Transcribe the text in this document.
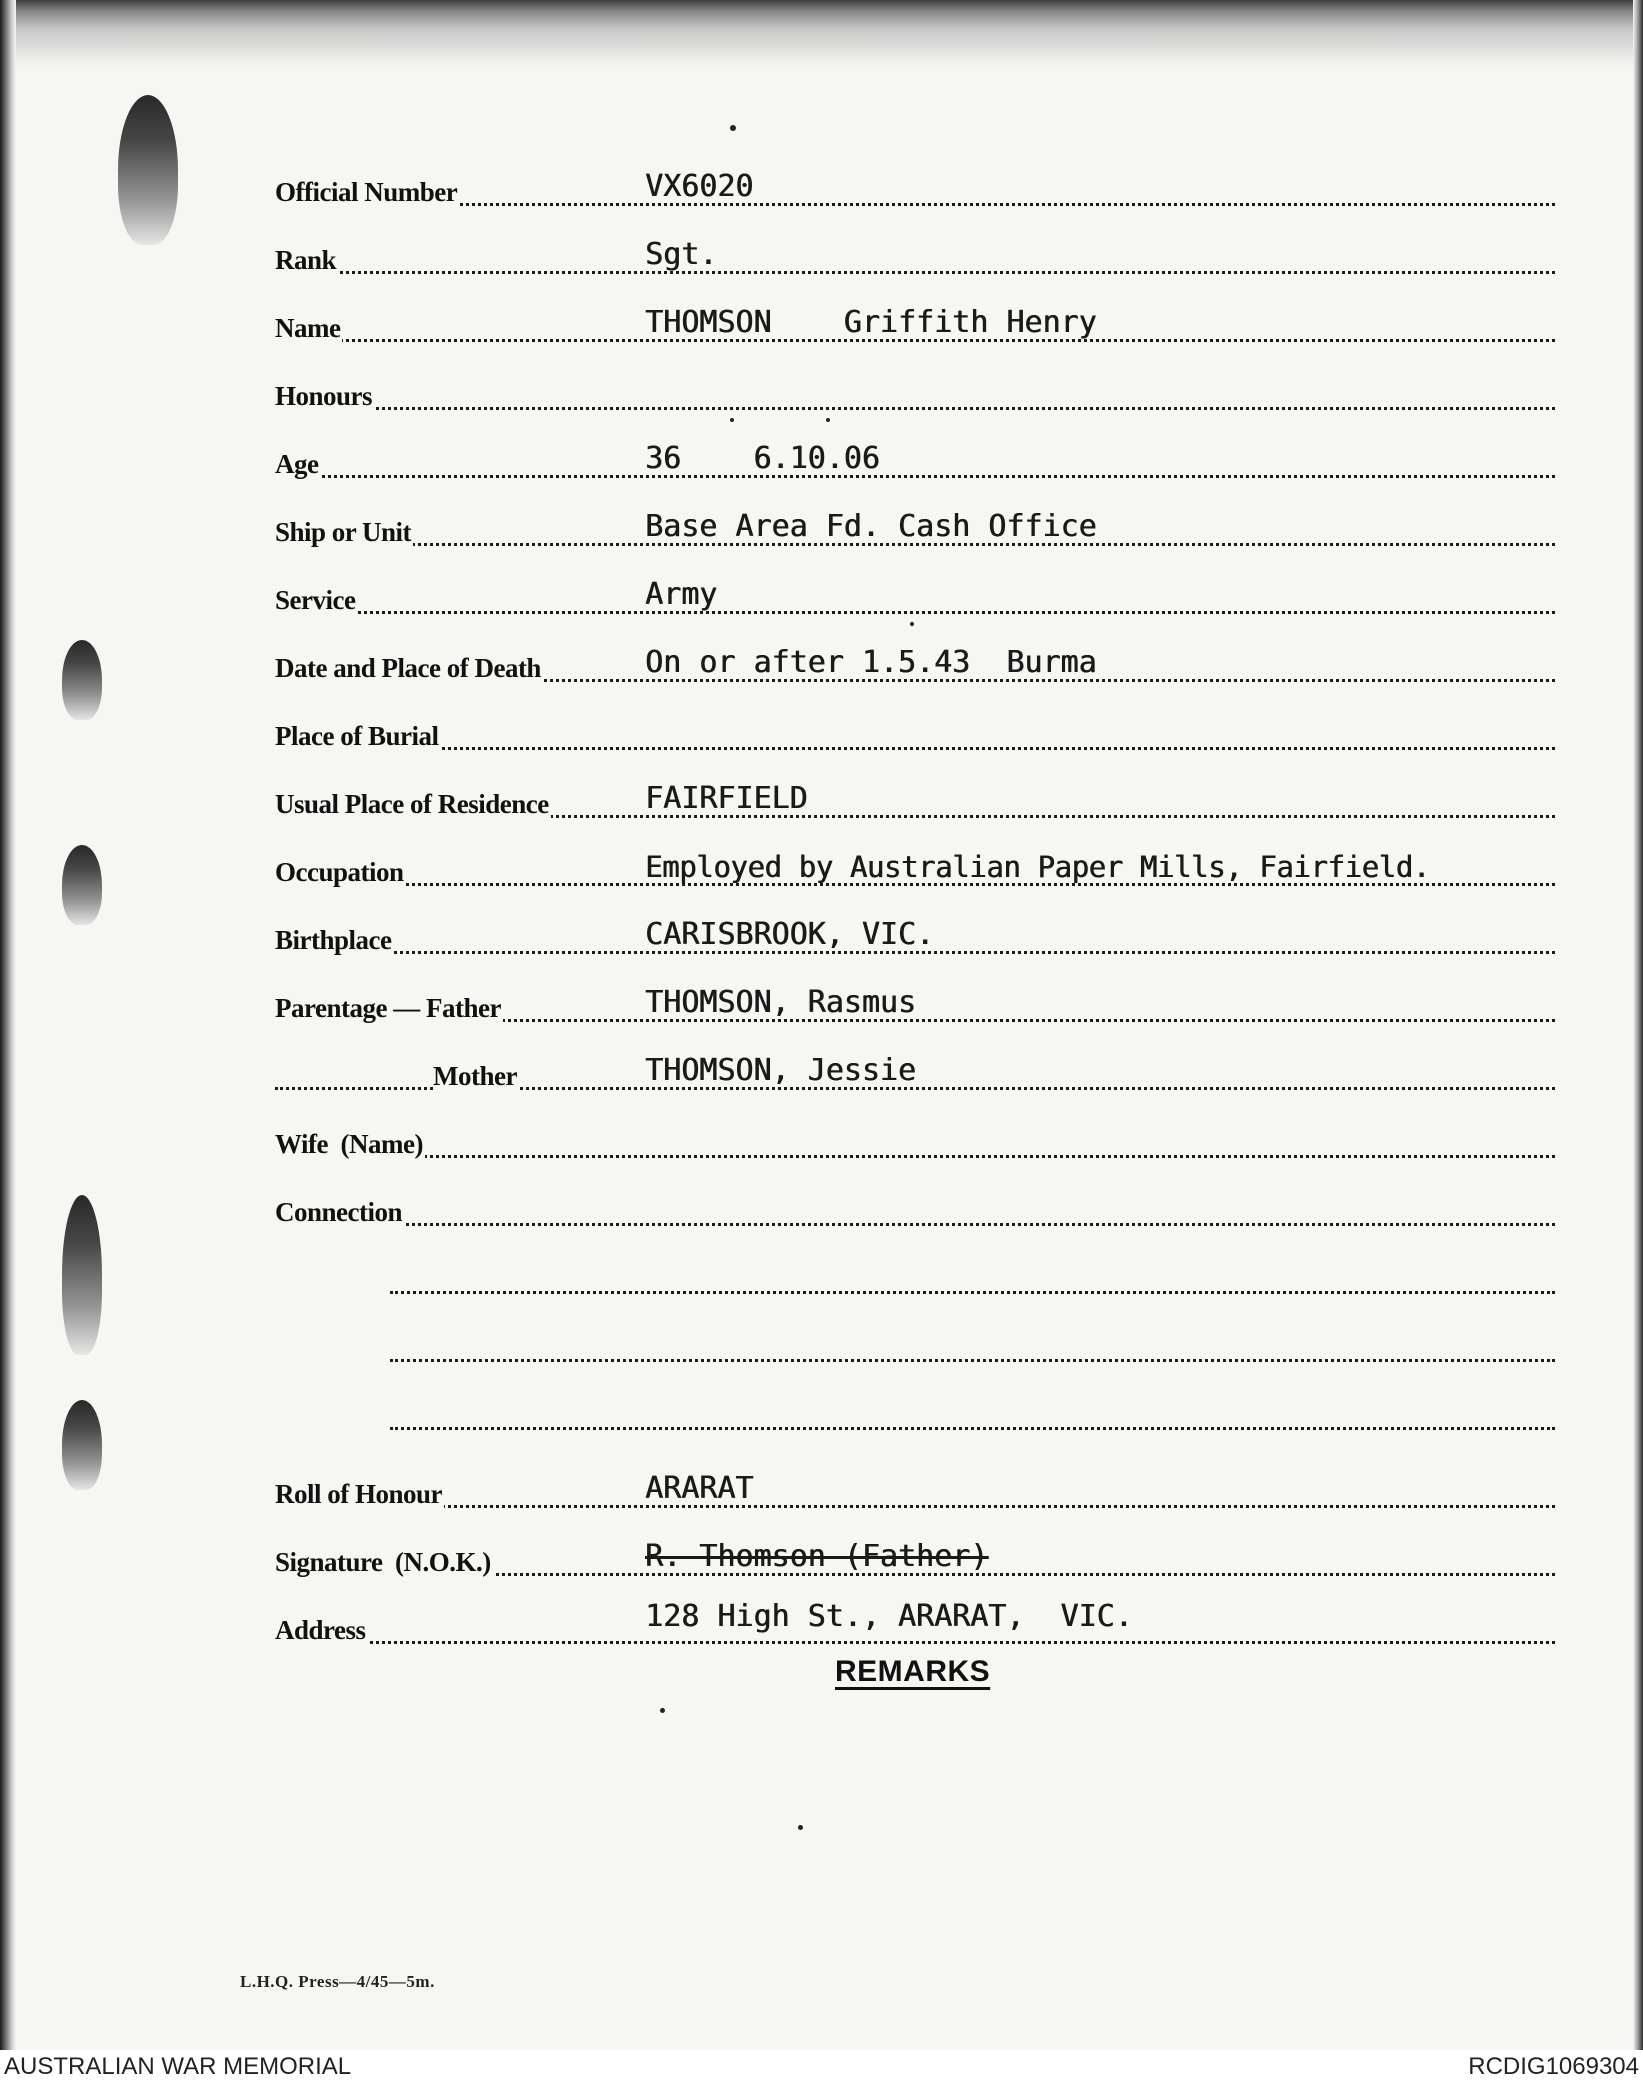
Official Number	VX6020
Rank	Sgt.
Name	THOMSON    Griffith Henry
Honours
Age	36    6.10.06
Ship or Unit	Base Area Fd. Cash Office
Service	Army
Date and Place of Death	On or after 1.5.43  Burma
Place of Burial
Usual Place of Residence	FAIRFIELD
Occupation	Employed by Australian Paper Mills, Fairfield.
Birthplace	CARISBROOK, VIC.
Parentage — Father	THOMSON, Rasmus
Mother	THOMSON, Jessie
Wife  (Name)
Connection
Roll of Honour	ARARAT
Signature  (N.O.K.)	R. Thomson (Father)
Address	128 High St., ARARAT,  VIC.
REMARKS
L.H.Q. Press—4/45—5m.
AUSTRALIAN WAR MEMORIAL	RCDIG1069304
